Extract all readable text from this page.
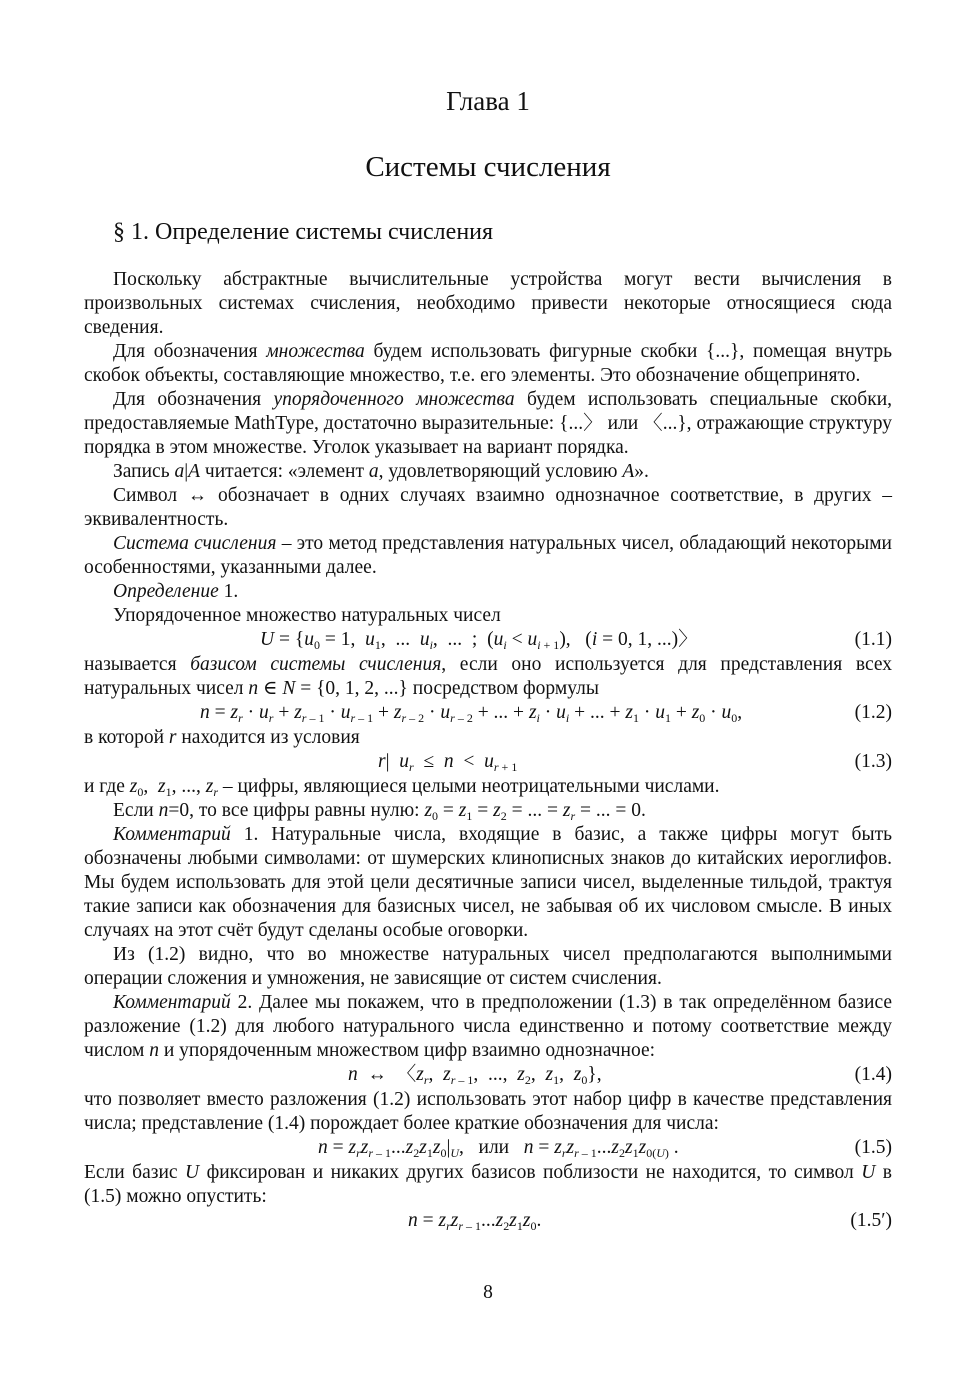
Глава 1
Системы счисления
§ 1. Определение системы счисления

Поскольку абстрактные вычислительные устройства могут вести вычисления в произвольных системах счисления, необходимо привести некоторые относящиеся сюда сведения.

Для обозначения множества будем использовать фигурные скобки {...}, помещая внутрь скобок объекты, составляющие множество, т.е. его элементы. Это обозначение общепринято.

Для обозначения упорядоченного множества будем использовать специальные скобки, предоставляемые MathType, достаточно выразительные: {...〉 или 〈...}, отражающие структуру порядка в этом множестве. Уголок указывает на вариант порядка.

Запись a|A читается: «элемент a, удовлетворяющий условию A».

Символ ↔ обозначает в одних случаях взаимно однозначное соответствие, в других – эквивалентность.

Система счисления – это метод представления натуральных чисел, обладающий некоторыми особенностями, указанными далее.

Определение 1.

Упорядоченное множество натуральных чисел

$U = \{u_0 = 1$,  $u_1$,  ...  $u_i$,  ...  ;  $(u_i < u_{i + 1})$,   (i = 0, 1, ...)〉	(1.1)

называется базисом системы счисления, если оно используется для представления всех натуральных чисел n ∈ N = {0, 1, 2, ...} посредством формулы

$n = z_r \cdot u_r + z_{r - 1} \cdot u_{r - 1} + z_{r - 2} \cdot u_{r - 2}$ + ... + $z_i \cdot u_i$ + ... + $z_1 \cdot u_1 + z_0 \cdot u_0$,	(1.2)

в которой r находится из условия

r|  $u_r \le n < u_{r + 1}$	(1.3)

и где $z_0$,  $z_1$, ..., $z_r$ – цифры, являющиеся целыми неотрицательными числами.

Если n=0, то все цифры равны нулю: $z_0 = z_1 = z_2$ = ... = $z_r$ = ... = 0.

Комментарий 1. Натуральные числа, входящие в базис, а также цифры могут быть обозначены любыми символами: от шумерских клинописных знаков до китайских иероглифов. Мы будем использовать для этой цели десятичные записи чисел, выделенные тильдой, трактуя такие записи как обозначения для базисных чисел, не забывая об их числовом смысле. В иных случаях на этот счёт будут сделаны особые оговорки.

Из (1.2) видно, что во множестве натуральных чисел предполагаются выполнимыми операции сложения и умножения, не зависящие от систем счисления.

Комментарий 2. Далее мы покажем, что в предположении (1.3) в так определённом базисе разложение (1.2) для любого натурального числа единственно и потому соответствие между числом n и упорядоченным множеством цифр взаимно однозначное:

n  ↔  〈$z_r$,  $z_{r - 1}$,  ...,  $z_2$,  $z_1$,  $z_0$},	(1.4)

что позволяет вместо разложения (1.2) использовать этот набор цифр в качестве представления числа; представление (1.4) порождает более краткие обозначения для числа:

$n = z_rz_{r - 1}...z_2z_1z_0|_U$,   или   $n = z_rz_{r - 1}...z_2z_1z_{0(U)}$ .	(1.5)

Если базис U фиксирован и никаких других базисов поблизости не находится, то символ U в (1.5) можно опустить:

$n = z_rz_{r - 1}...z_2z_1z_0$.	(1.5′)
8
